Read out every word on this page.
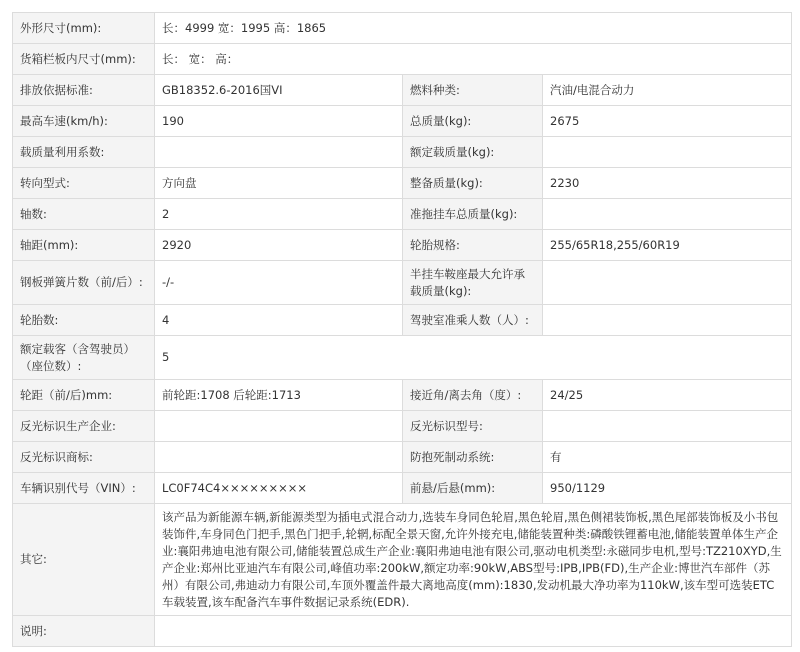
外形尺寸(mm):	长：4999 宽：1995 高：1865		
货箱栏板内尺寸(mm):	长： 宽： 高：		
排放依据标准:	GB18352.6-2016国VI	燃料种类:	汽油/电混合动力
最高车速(km/h):	190	总质量(kg):	2675
载质量利用系数:		额定载质量(kg):	
转向型式:	方向盘	整备质量(kg):	2230
轴数:	2	准拖挂车总质量(kg):	
轴距(mm):	2920	轮胎规格:	255/65R18,255/60R19
钢板弹簧片数（前/后）:	-/-	半挂车鞍座最大允许承载质量(kg):	
轮胎数:	4	驾驶室准乘人数（人）:	
额定载客（含驾驶员）（座位数）:	5		
轮距（前/后)mm:	前轮距:1708 后轮距:1713	接近角/离去角（度）:	24/25
反光标识生产企业:		反光标识型号:	
反光标识商标:		防抱死制动系统:	有
车辆识别代号（VIN）:	LC0F74C4×××××××××	前悬/后悬(mm):	950/1129
其它:	该产品为新能源车辆,新能源类型为插电式混合动力,选装车身同色轮眉,黑色轮眉,黑色侧裙装饰板,黑色尾部装饰板及小书包装饰件,车身同色门把手,黑色门把手,轮辋,标配全景天窗,允许外接充电,储能装置种类:磷酸铁锂蓄电池,储能装置单体生产企业:襄阳弗迪电池有限公司,储能装置总成生产企业:襄阳弗迪电池有限公司,驱动电机类型:永磁同步电机,型号:TZ210XYD,生产企业:郑州比亚迪汽车有限公司,峰值功率:200kW,额定功率:90kW,ABS型号:IPB,IPB(FD),生产企业:博世汽车部件（苏州）有限公司,弗迪动力有限公司,车顶外覆盖件最大离地高度(mm):1830,发动机最大净功率为110kW,该车型可选装ETC车载装置,该车配备汽车事件数据记录系统(EDR).		
说明:			
